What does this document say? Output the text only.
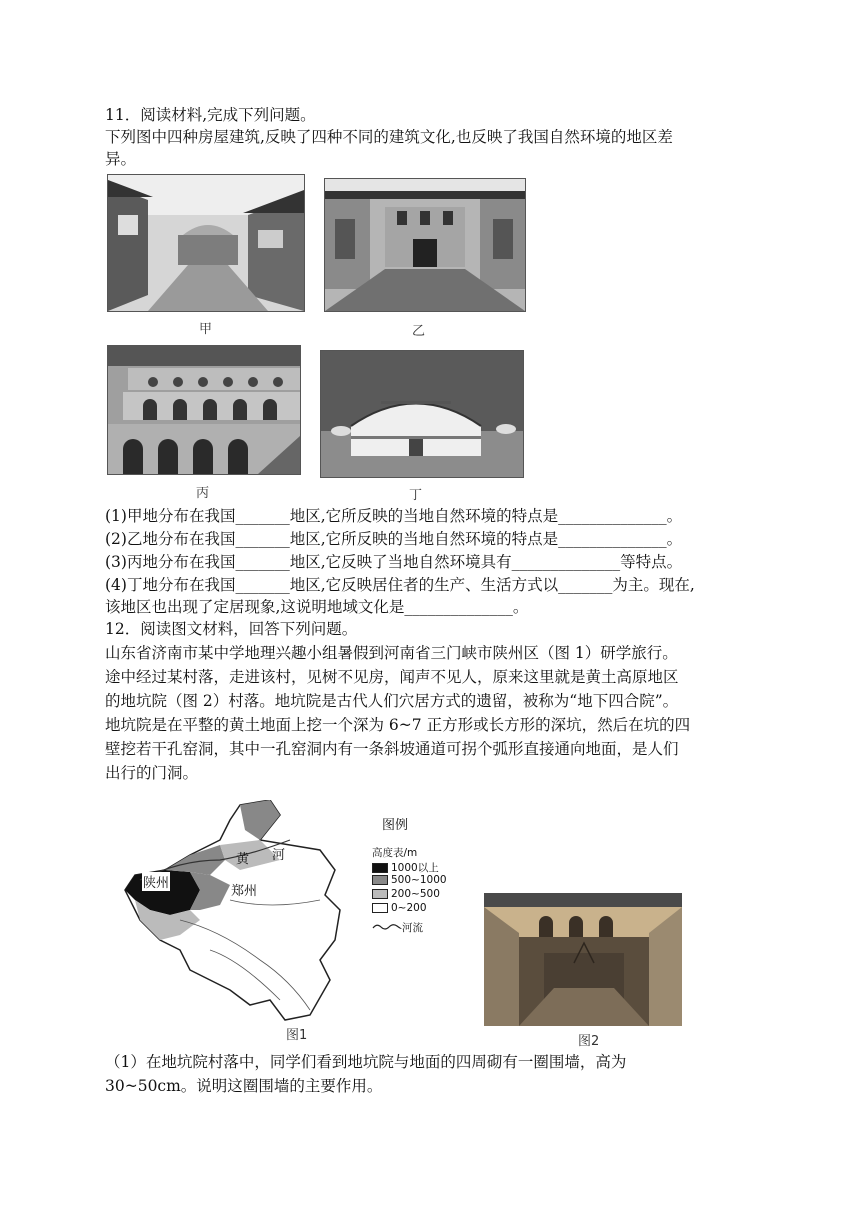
11．阅读材料,完成下列问题。
下列图中四种房屋建筑,反映了四种不同的建筑文化,也反映了我国自然环境的地区差
异。
甲	乙
丙	丁
(1)甲地分布在我国_______地区,它所反映的当地自然环境的特点是______________。
(2)乙地分布在我国_______地区,它所反映的当地自然环境的特点是______________。
(3)丙地分布在我国_______地区,它反映了当地自然环境具有______________等特点。
(4)丁地分布在我国_______地区,它反映居住者的生产、生活方式以_______为主。现在,
该地区也出现了定居现象,这说明地域文化是______________。
12．阅读图文材料，回答下列问题。
山东省济南市某中学地理兴趣小组暑假到河南省三门峡市陕州区（图 1）研学旅行。
途中经过某村落，走进该村，见树不见房，闻声不见人，原来这里就是黄土高原地区
的地坑院（图 2）村落。地坑院是古代人们穴居方式的遗留，被称为“地下四合院”。
地坑院是在平整的黄土地面上挖一个深为 6~7 正方形或长方形的深坑，然后在坑的四
壁挖若干孔窑洞，其中一孔窑洞内有一条斜坡通道可拐个弧形直接通向地面，是人们
出行的门洞。
黄 河
陕州
郑州
图例
高度表/m
1000以上
500~1000
200~500
0~200
河流
图1	图2
（1）在地坑院村落中，同学们看到地坑院与地面的四周砌有一圈围墙，高为
30~50cm。说明这圈围墙的主要作用。
